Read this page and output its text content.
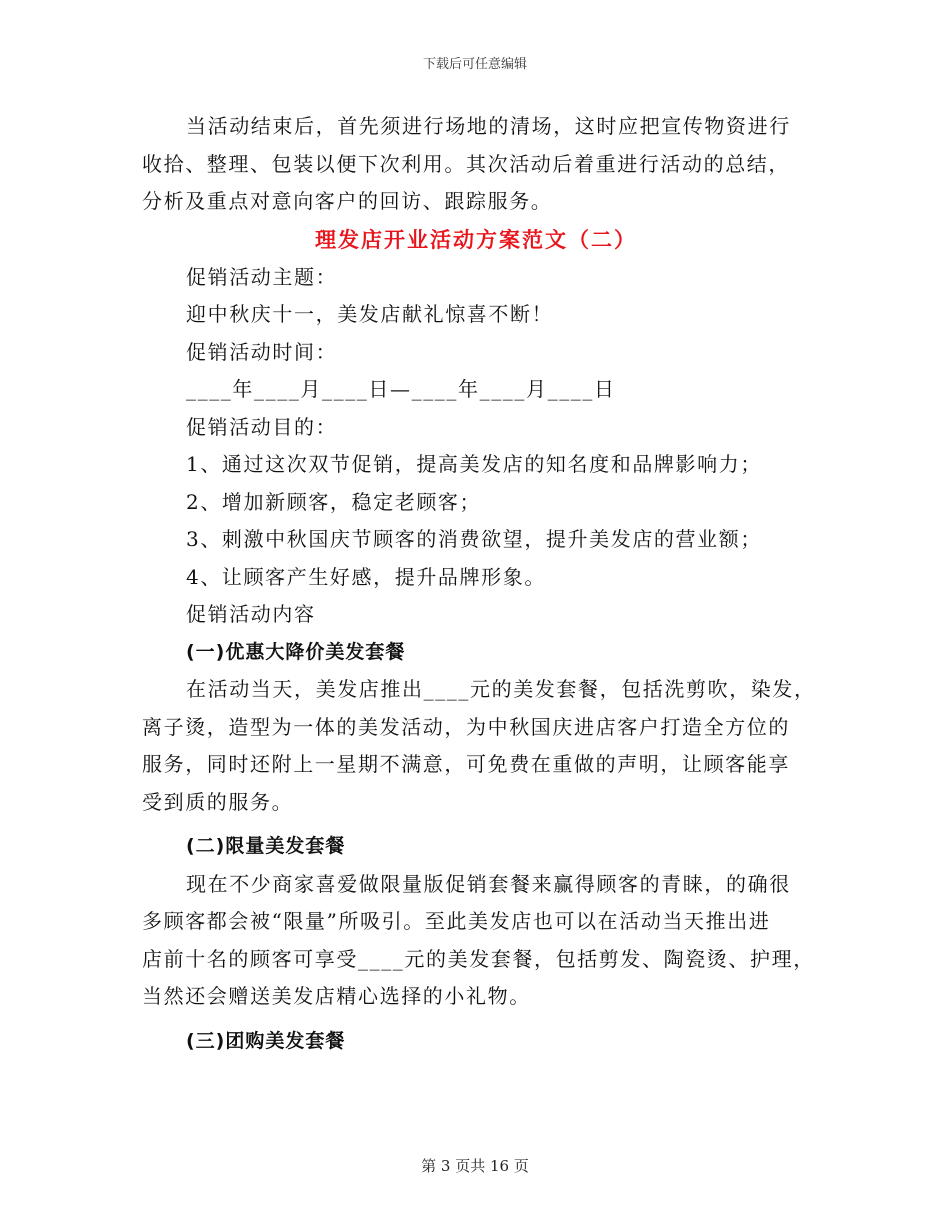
下载后可任意编辑
当活动结束后，首先须进行场地的清场，这时应把宣传物资进行
收拾、整理、包装以便下次利用。其次活动后着重进行活动的总结，
分析及重点对意向客户的回访、跟踪服务。
理发店开业活动方案范文（二）
促销活动主题：
迎中秋庆十一，美发店献礼惊喜不断！
促销活动时间：
____年____月____日—____年____月____日
促销活动目的：
1、通过这次双节促销，提高美发店的知名度和品牌影响力；
2、增加新顾客，稳定老顾客；
3、刺激中秋国庆节顾客的消费欲望，提升美发店的营业额；
4、让顾客产生好感，提升品牌形象。
促销活动内容
(一)优惠大降价美发套餐
在活动当天，美发店推出____元的美发套餐，包括洗剪吹，染发，
离子烫，造型为一体的美发活动，为中秋国庆进店客户打造全方位的
服务，同时还附上一星期不满意，可免费在重做的声明，让顾客能享
受到质的服务。
(二)限量美发套餐
现在不少商家喜爱做限量版促销套餐来赢得顾客的青睐，的确很
多顾客都会被“限量”所吸引。至此美发店也可以在活动当天推出进
店前十名的顾客可享受____元的美发套餐，包括剪发、陶瓷烫、护理，
当然还会赠送美发店精心选择的小礼物。
(三)团购美发套餐
第 3 页共 16 页
